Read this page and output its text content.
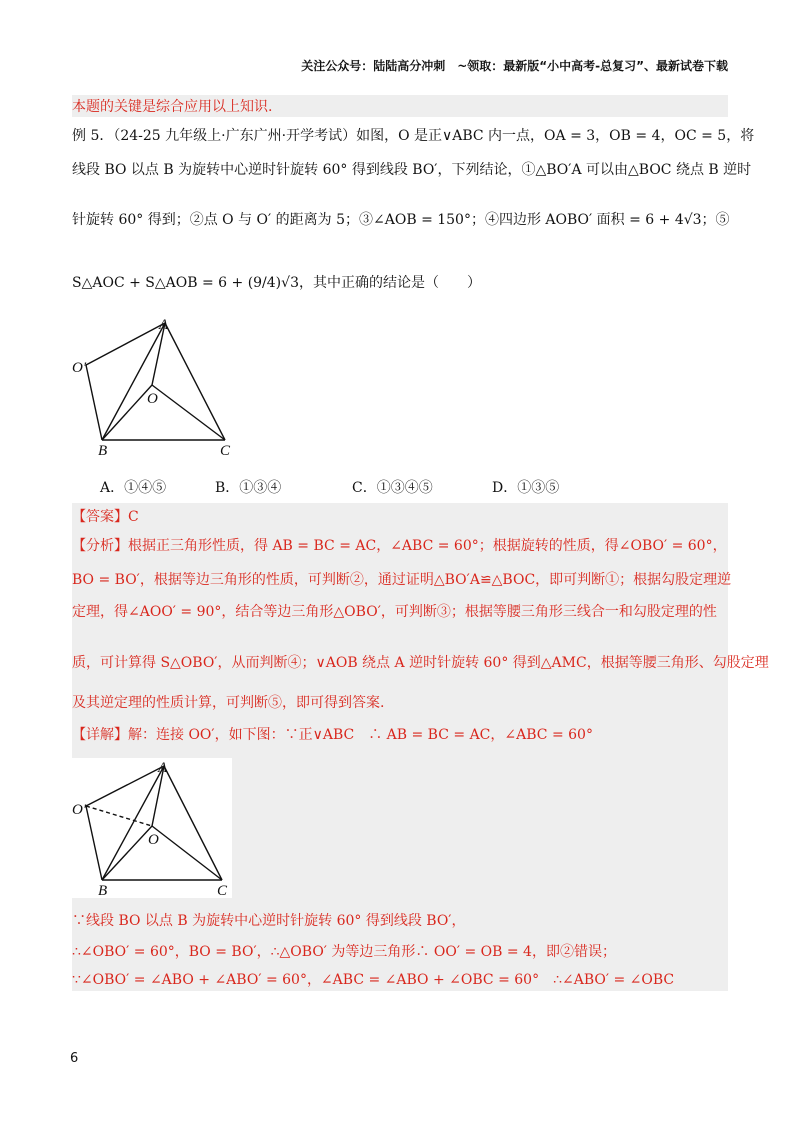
关注公众号：陆陆高分冲刺　~领取：最新版“小中高考-总复习”、最新试卷下载
本题的关键是综合应用以上知识.
例 5．（24-25 九年级上·广东广州·开学考试）如图，O 是正∨ABC 内一点，OA = 3，OB = 4，OC = 5，将
线段 BO 以点 B 为旋转中心逆时针旋转 60° 得到线段 BO′，下列结论，①△BO′A 可以由△BOC 绕点 B 逆时
针旋转 60° 得到；②点 O 与 O′ 的距离为 5；③∠AOB = 150°；④四边形 AOBO′ 面积 = 6 + 4√3；⑤
S△AOC + S△AOB = 6 + (9/4)√3，其中正确的结论是（　　）
A
O′
O
B	C
A．①④⑤	B．①③④	C．①③④⑤	D．①③⑤
【答案】C
【分析】根据正三角形性质，得 AB = BC = AC，∠ABC = 60°；根据旋转的性质，得∠OBO′ = 60°，
BO = BO′，根据等边三角形的性质，可判断②，通过证明△BO′A≌△BOC，即可判断①；根据勾股定理逆
定理，得∠AOO′ = 90°，结合等边三角形△OBO′，可判断③；根据等腰三角形三线合一和勾股定理的性
质，可计算得 S△OBO′，从而判断④；∨AOB 绕点 A 逆时针旋转 60° 得到△AMC，根据等腰三角形、勾股定理
及其逆定理的性质计算，可判断⑤，即可得到答案.
【详解】解：连接 OO′，如下图：∵正∨ABC　∴ AB = BC = AC，∠ABC = 60°
A
O′
O
B	C
∵线段 BO 以点 B 为旋转中心逆时针旋转 60° 得到线段 BO′，
∴∠OBO′ = 60°，BO = BO′，∴△OBO′ 为等边三角形∴ OO′ = OB = 4，即②错误；
∵∠OBO′ = ∠ABO + ∠ABO′ = 60°，∠ABC = ∠ABO + ∠OBC = 60°　∴∠ABO′ = ∠OBC
6
